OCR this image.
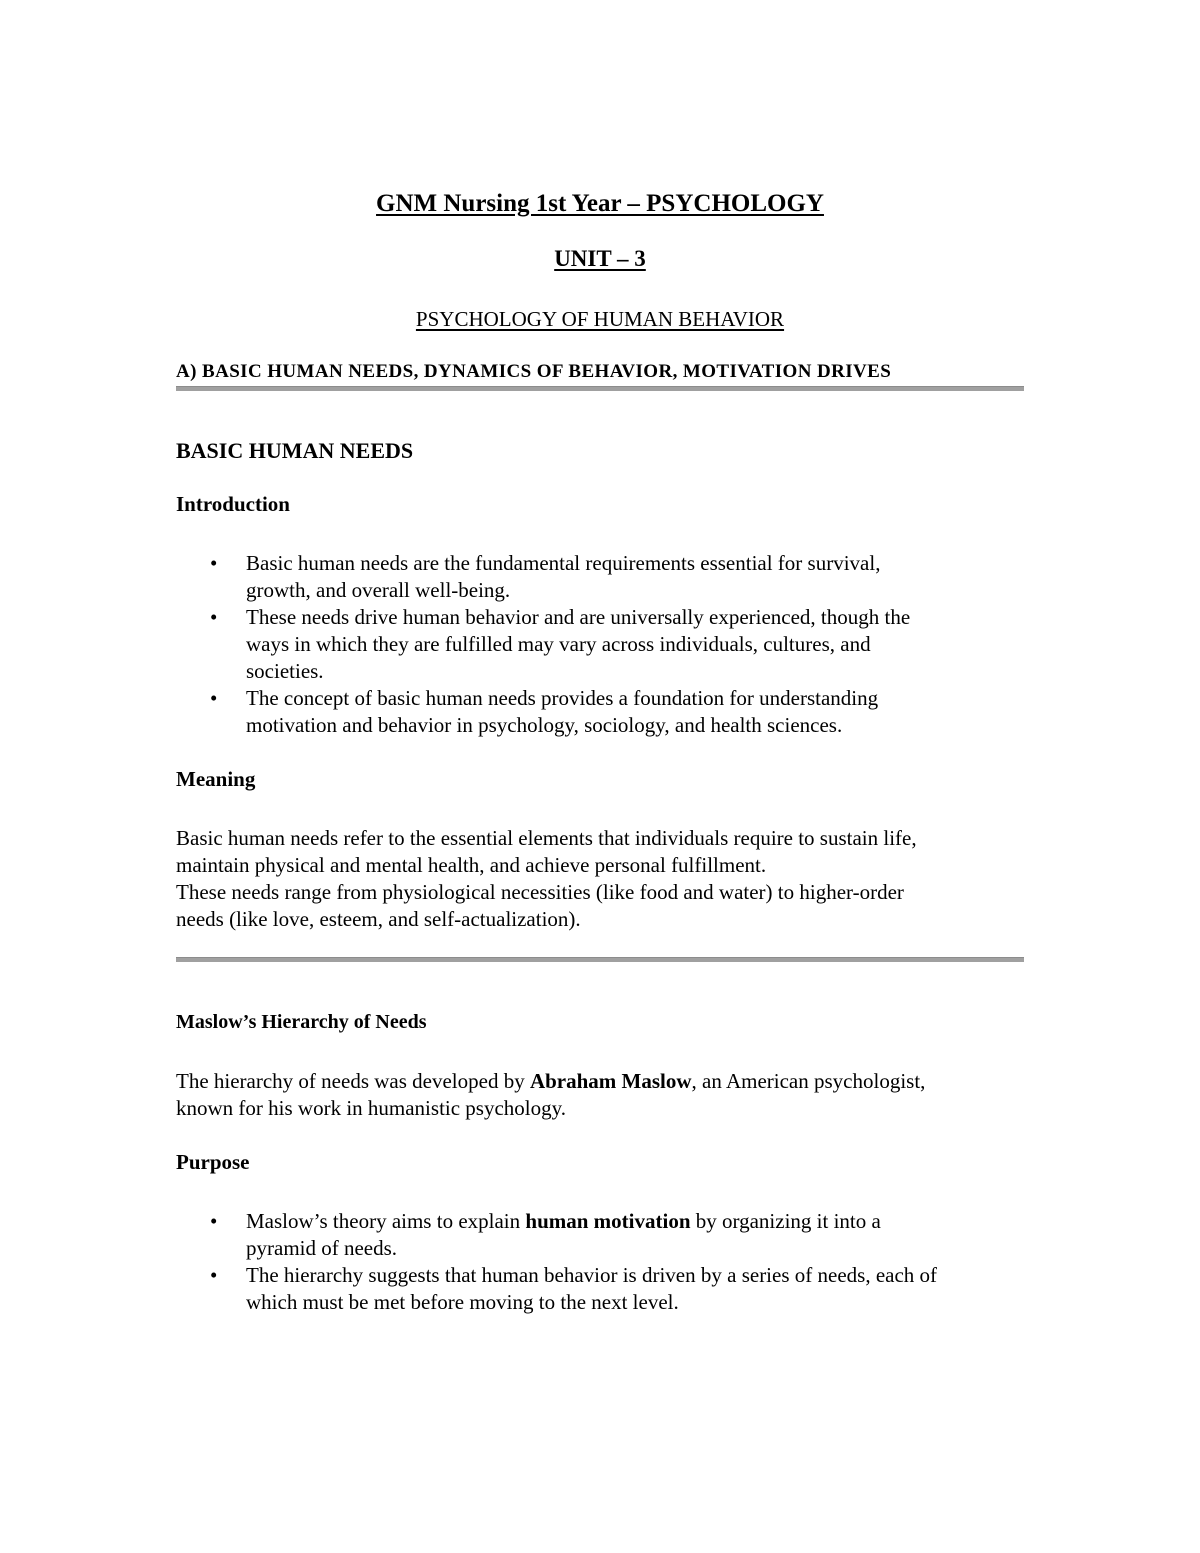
GNM Nursing 1st Year – PSYCHOLOGY
UNIT – 3

PSYCHOLOGY OF HUMAN BEHAVIOR

A) BASIC HUMAN NEEDS, DYNAMICS OF BEHAVIOR, MOTIVATION DRIVES

BASIC HUMAN NEEDS
Introduction
• Basic human needs are the fundamental requirements essential for survival,
growth, and overall well-being.
• These needs drive human behavior and are universally experienced, though the
ways in which they are fulfilled may vary across individuals, cultures, and
societies.
• The concept of basic human needs provides a foundation for understanding
motivation and behavior in psychology, sociology, and health sciences.
Meaning
Basic human needs refer to the essential elements that individuals require to sustain life,
maintain physical and mental health, and achieve personal fulfillment.
These needs range from physiological necessities (like food and water) to higher-order
needs (like love, esteem, and self-actualization).
Maslow’s Hierarchy of Needs
The hierarchy of needs was developed by Abraham Maslow, an American psychologist,
known for his work in humanistic psychology.
Purpose
• Maslow’s theory aims to explain human motivation by organizing it into a
pyramid of needs.
• The hierarchy suggests that human behavior is driven by a series of needs, each of
which must be met before moving to the next level.
